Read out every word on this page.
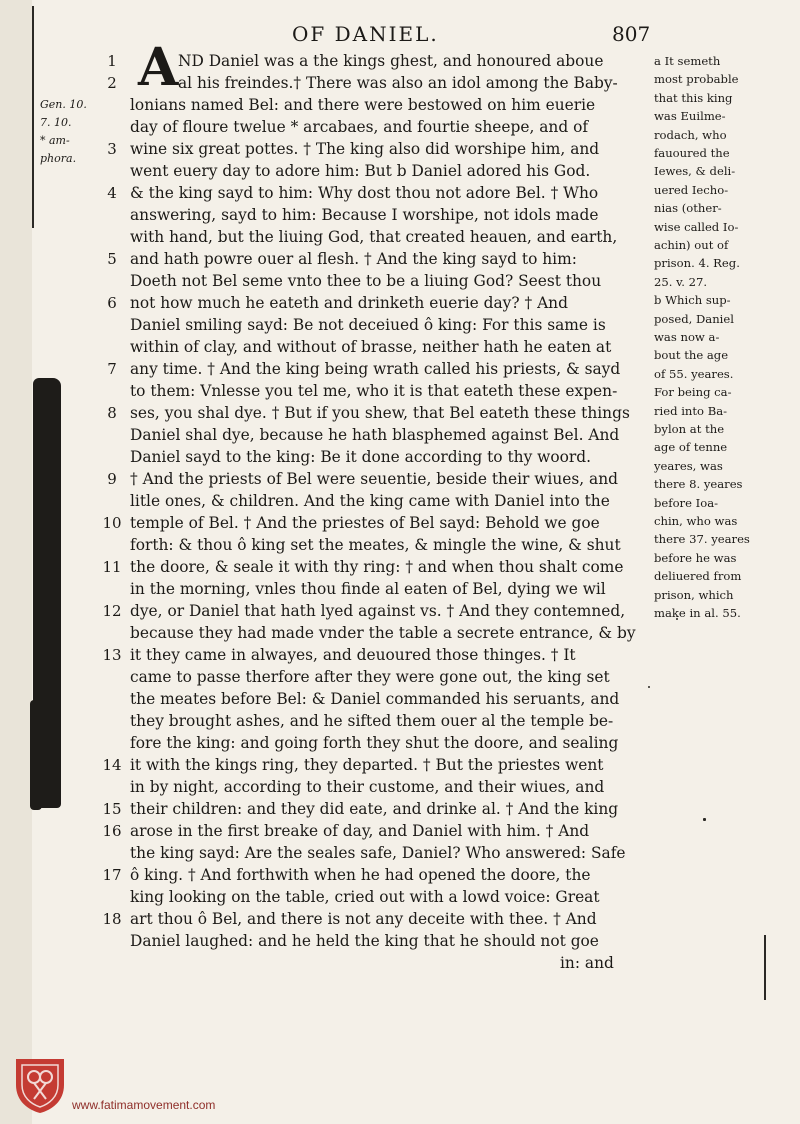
OF DANIEL.	807
A ND Daniel was a the kings ghest, and honoured aboue
1
al his freindes.† There was also an idol among the Baby-
2
lonians named Bel: and there were bestowed on him euerie
day of floure twelue * arcabaes, and fourtie sheepe, and of
wine six great pottes. † The king also did worshipe him, and
3
went euery day to adore him: But b Daniel adored his God.
& the king sayd to him: Why dost thou not adore Bel. † Who
4
answering, sayd to him: Because I worshipe, not idols made
with hand, but the liuing God, that created heauen, and earth,
and hath powre ouer al flesh. † And the king sayd to him:
5
Doeth not Bel seme vnto thee to be a liuing God? Seest thou
not how much he eateth and drinketh euerie day? † And
6
Daniel smiling sayd: Be not deceiued ô king: For this same is
within of clay, and without of brasse, neither hath he eaten at
any time. † And the king being wrath called his priests, & sayd
7
to them: Vnlesse you tel me, who it is that eateth these expen-
ses, you shal dye. † But if you shew, that Bel eateth these things
8
Daniel shal dye, because he hath blasphemed against Bel. And
Daniel sayd to the king: Be it done according to thy woord.
† And the priests of Bel were seuentie, beside their wiues, and
9
litle ones, & children. And the king came with Daniel into the
temple of Bel. † And the priestes of Bel sayd: Behold we goe
10
forth: & thou ô king set the meates, & mingle the wine, & shut
the doore, & seale it with thy ring: † and when thou shalt come
11
in the morning, vnles thou finde al eaten of Bel, dying we wil
dye, or Daniel that hath lyed against vs. † And they contemned,
12
because they had made vnder the table a secrete entrance, & by
it they came in alwayes, and deuoured those thinges. † It
13
came to passe therfore after they were gone out, the king set
the meates before Bel: & Daniel commanded his seruants, and
they brought ashes, and he sifted them ouer al the temple be-
fore the king: and going forth they shut the doore, and sealing
it with the kings ring, they departed. † But the priestes went
14
in by night, according to their custome, and their wiues, and
their children: and they did eate, and drinke al. † And the king
15
arose in the first breake of day, and Daniel with him. † And
16
the king sayd: Are the seales safe, Daniel? Who answered: Safe
ô king. † And forthwith when he had opened the doore, the
17
king looking on the table, cried out with a lowd voice: Great
art thou ô Bel, and there is not any deceite with thee. † And
18
Daniel laughed: and he held the king that he should not goe
Gen. 10.
7. 10.
* am-
phora.
a It semeth
most probable
that this king
was Euilme-
rodach, who
fauoured the
Iewes, & deli-
uered Iecho-
nias (other-
wise called Io-
achin) out of
prison. 4. Reg.
25. v. 27.
b Which sup-
posed, Daniel
was now a-
bout the age
of 55. yeares.
For being ca-
ried into Ba-
bylon at the
age of tenne
yeares, was
there 8. yeares
before Ioa-
chin, who was
there 37. yeares
before he was
deliuered from
prison, which
make in al. 55.
in: and
www.fatimamovement.com
